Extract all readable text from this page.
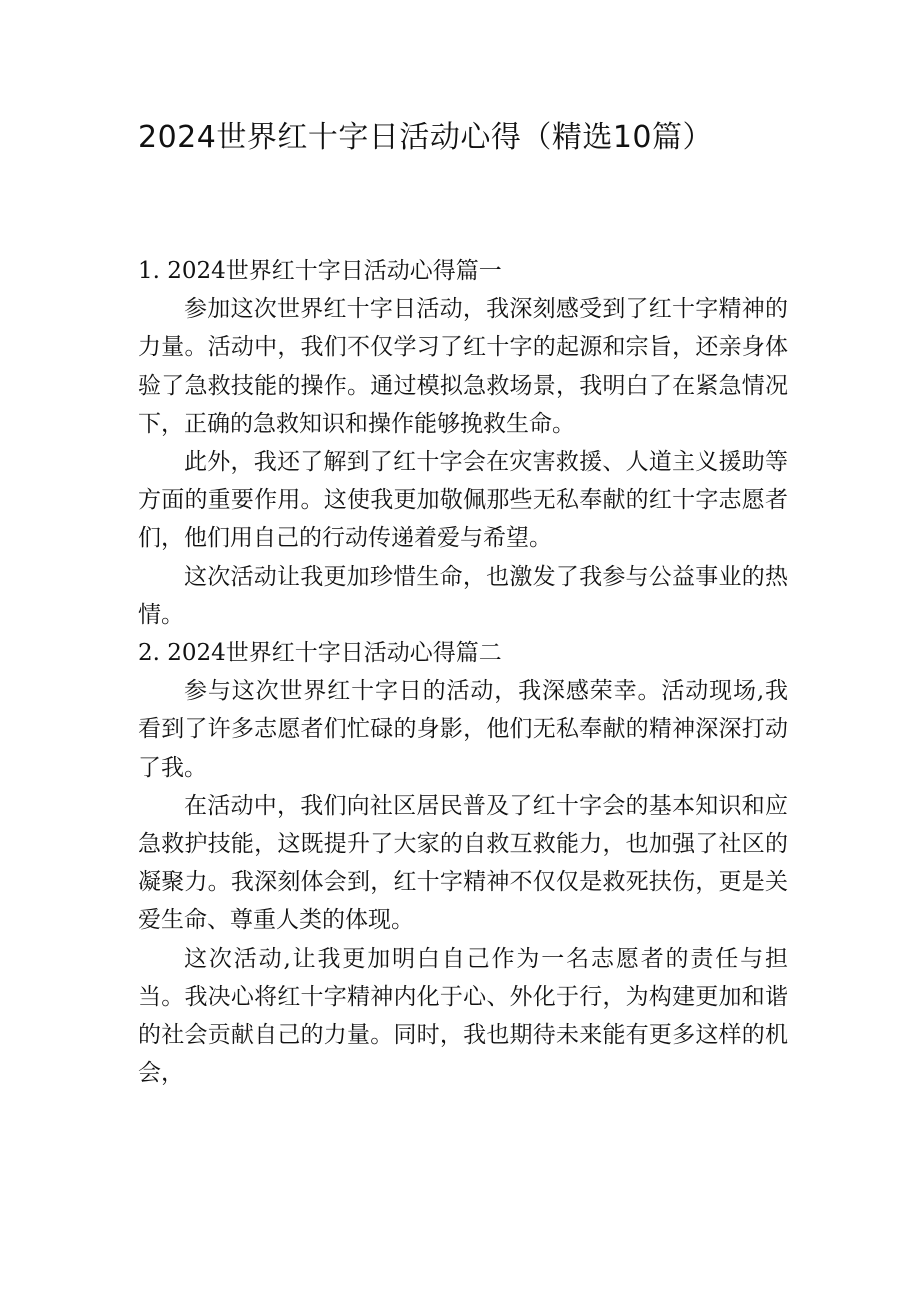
2024世界红十字日活动心得（精选10篇）
1. 2024世界红十字日活动心得篇一

参加这次世界红十字日活动，我深刻感受到了红十字精神的力量。活动中，我们不仅学习了红十字的起源和宗旨，还亲身体验了急救技能的操作。通过模拟急救场景，我明白了在紧急情况下，正确的急救知识和操作能够挽救生命。

此外，我还了解到了红十字会在灾害救援、人道主义援助等方面的重要作用。这使我更加敬佩那些无私奉献的红十字志愿者们，他们用自己的行动传递着爱与希望。

这次活动让我更加珍惜生命，也激发了我参与公益事业的热情。

2. 2024世界红十字日活动心得篇二

参与这次世界红十字日的活动，我深感荣幸。活动现场,我看到了许多志愿者们忙碌的身影，他们无私奉献的精神深深打动了我。

在活动中，我们向社区居民普及了红十字会的基本知识和应急救护技能，这既提升了大家的自救互救能力，也加强了社区的凝聚力。我深刻体会到，红十字精神不仅仅是救死扶伤，更是关爱生命、尊重人类的体现。

这次活动,让我更加明白自己作为一名志愿者的责任与担当。我决心将红十字精神内化于心、外化于行，为构建更加和谐的社会贡献自己的力量。同时，我也期待未来能有更多这样的机会，
